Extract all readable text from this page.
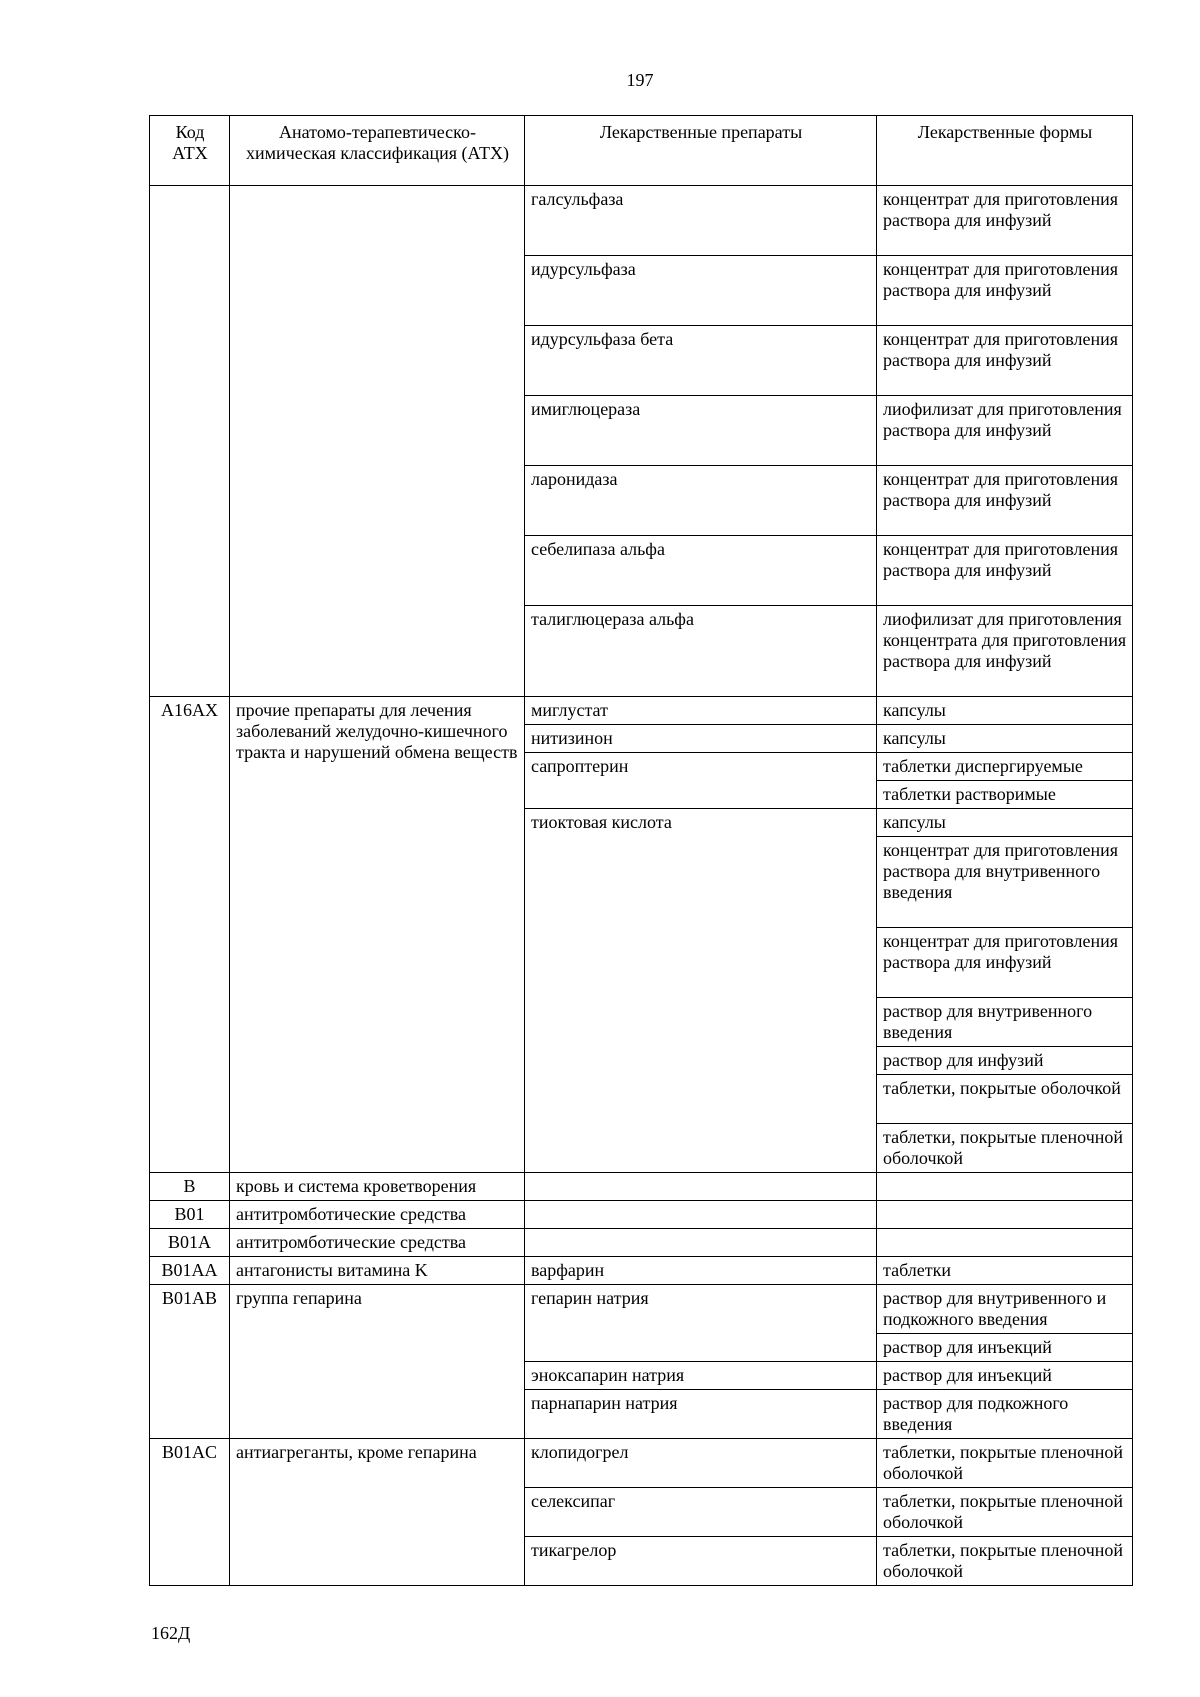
197
Код АТХ	Анатомо-терапевтическо-химическая классификация (АТХ)	Лекарственные препараты	Лекарственные формы
		галсульфаза	концентрат для приготовления раствора для инфузий
		идурсульфаза	концентрат для приготовления раствора для инфузий
		идурсульфаза бета	концентрат для приготовления раствора для инфузий
		имиглюцераза	лиофилизат для приготовления раствора для инфузий
		ларонидаза	концентрат для приготовления раствора для инфузий
		себелипаза альфа	концентрат для приготовления раствора для инфузий
		талиглюцераза альфа	лиофилизат для приготовления концентрата для приготовления раствора для инфузий
A16AX	прочие препараты для лечения заболеваний желудочно-кишечного тракта и нарушений обмена веществ	миглустат	капсулы
		нитизинон	капсулы
		сапроптерин	таблетки диспергируемые
			таблетки растворимые
		тиоктовая кислота	капсулы
			концентрат для приготовления раствора для внутривенного введения
			концентрат для приготовления раствора для инфузий
			раствор для внутривенного введения
			раствор для инфузий
			таблетки, покрытые оболочкой
			таблетки, покрытые пленочной оболочкой
B	кровь и система кроветворения		
B01	антитромботические средства		
B01A	антитромботические средства		
B01AA	антагонисты витамина K	варфарин	таблетки
B01AB	группа гепарина	гепарин натрия	раствор для внутривенного и подкожного введения
			раствор для инъекций
		эноксапарин натрия	раствор для инъекций
		парнапарин натрия	раствор для подкожного введения
B01AC	антиагреганты, кроме гепарина	клопидогрел	таблетки, покрытые пленочной оболочкой
		селексипаг	таблетки, покрытые пленочной оболочкой
		тикагрелор	таблетки, покрытые пленочной оболочкой
162Д
